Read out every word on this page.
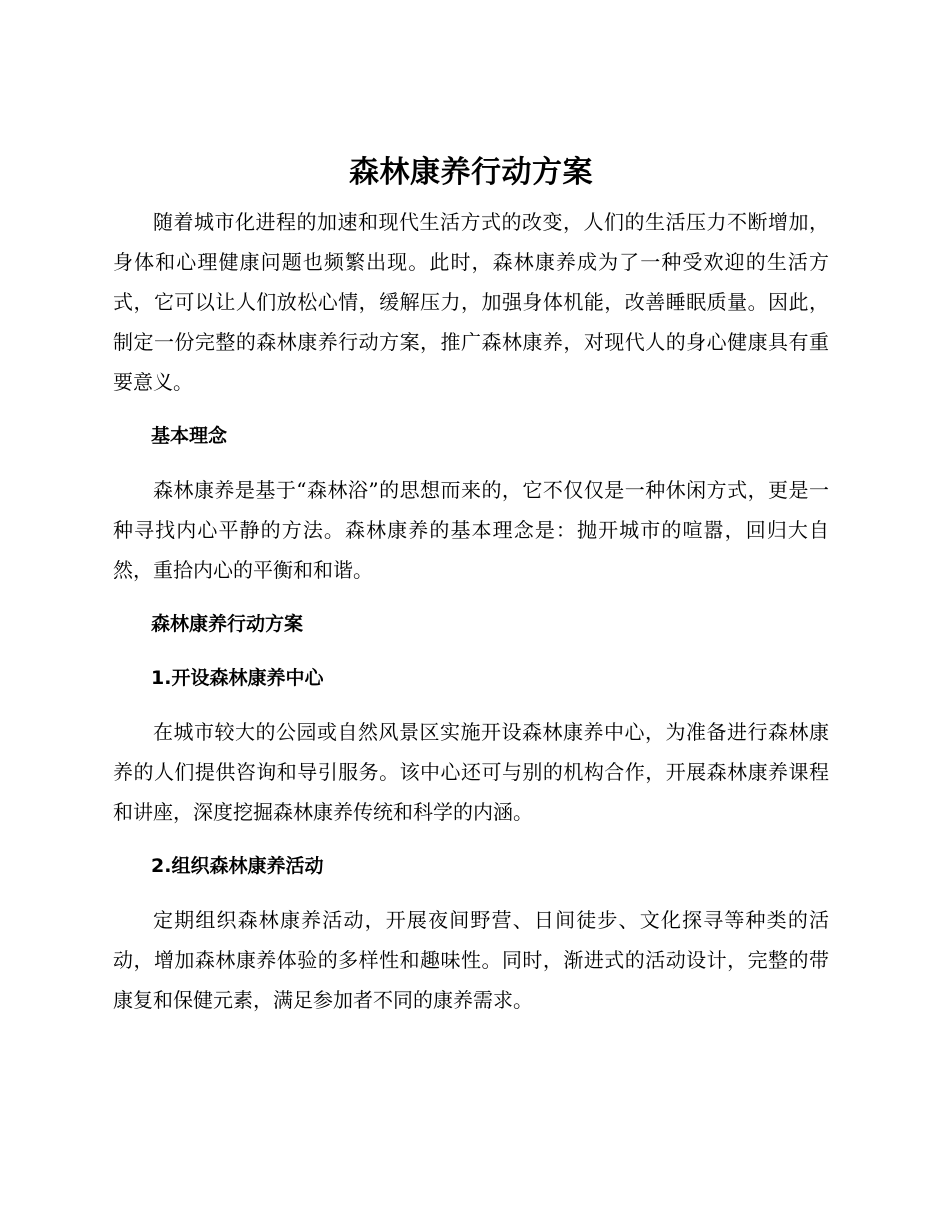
森林康养行动方案

随着城市化进程的加速和现代生活方式的改变，人们的生活压力不断增加，身体和心理健康问题也频繁出现。此时，森林康养成为了一种受欢迎的生活方式，它可以让人们放松心情，缓解压力，加强身体机能，改善睡眠质量。因此，制定一份完整的森林康养行动方案，推广森林康养，对现代人的身心健康具有重要意义。

基本理念

森林康养是基于“森林浴”的思想而来的，它不仅仅是一种休闲方式，更是一种寻找内心平静的方法。森林康养的基本理念是：抛开城市的喧嚣，回归大自然，重拾内心的平衡和和谐。

森林康养行动方案
1.开设森林康养中心

在城市较大的公园或自然风景区实施开设森林康养中心，为准备进行森林康养的人们提供咨询和导引服务。该中心还可与别的机构合作，开展森林康养课程和讲座，深度挖掘森林康养传统和科学的内涵。

2.组织森林康养活动

定期组织森林康养活动，开展夜间野营、日间徒步、文化探寻等种类的活动，增加森林康养体验的多样性和趣味性。同时，渐进式的活动设计，完整的带康复和保健元素，满足参加者不同的康养需求。
